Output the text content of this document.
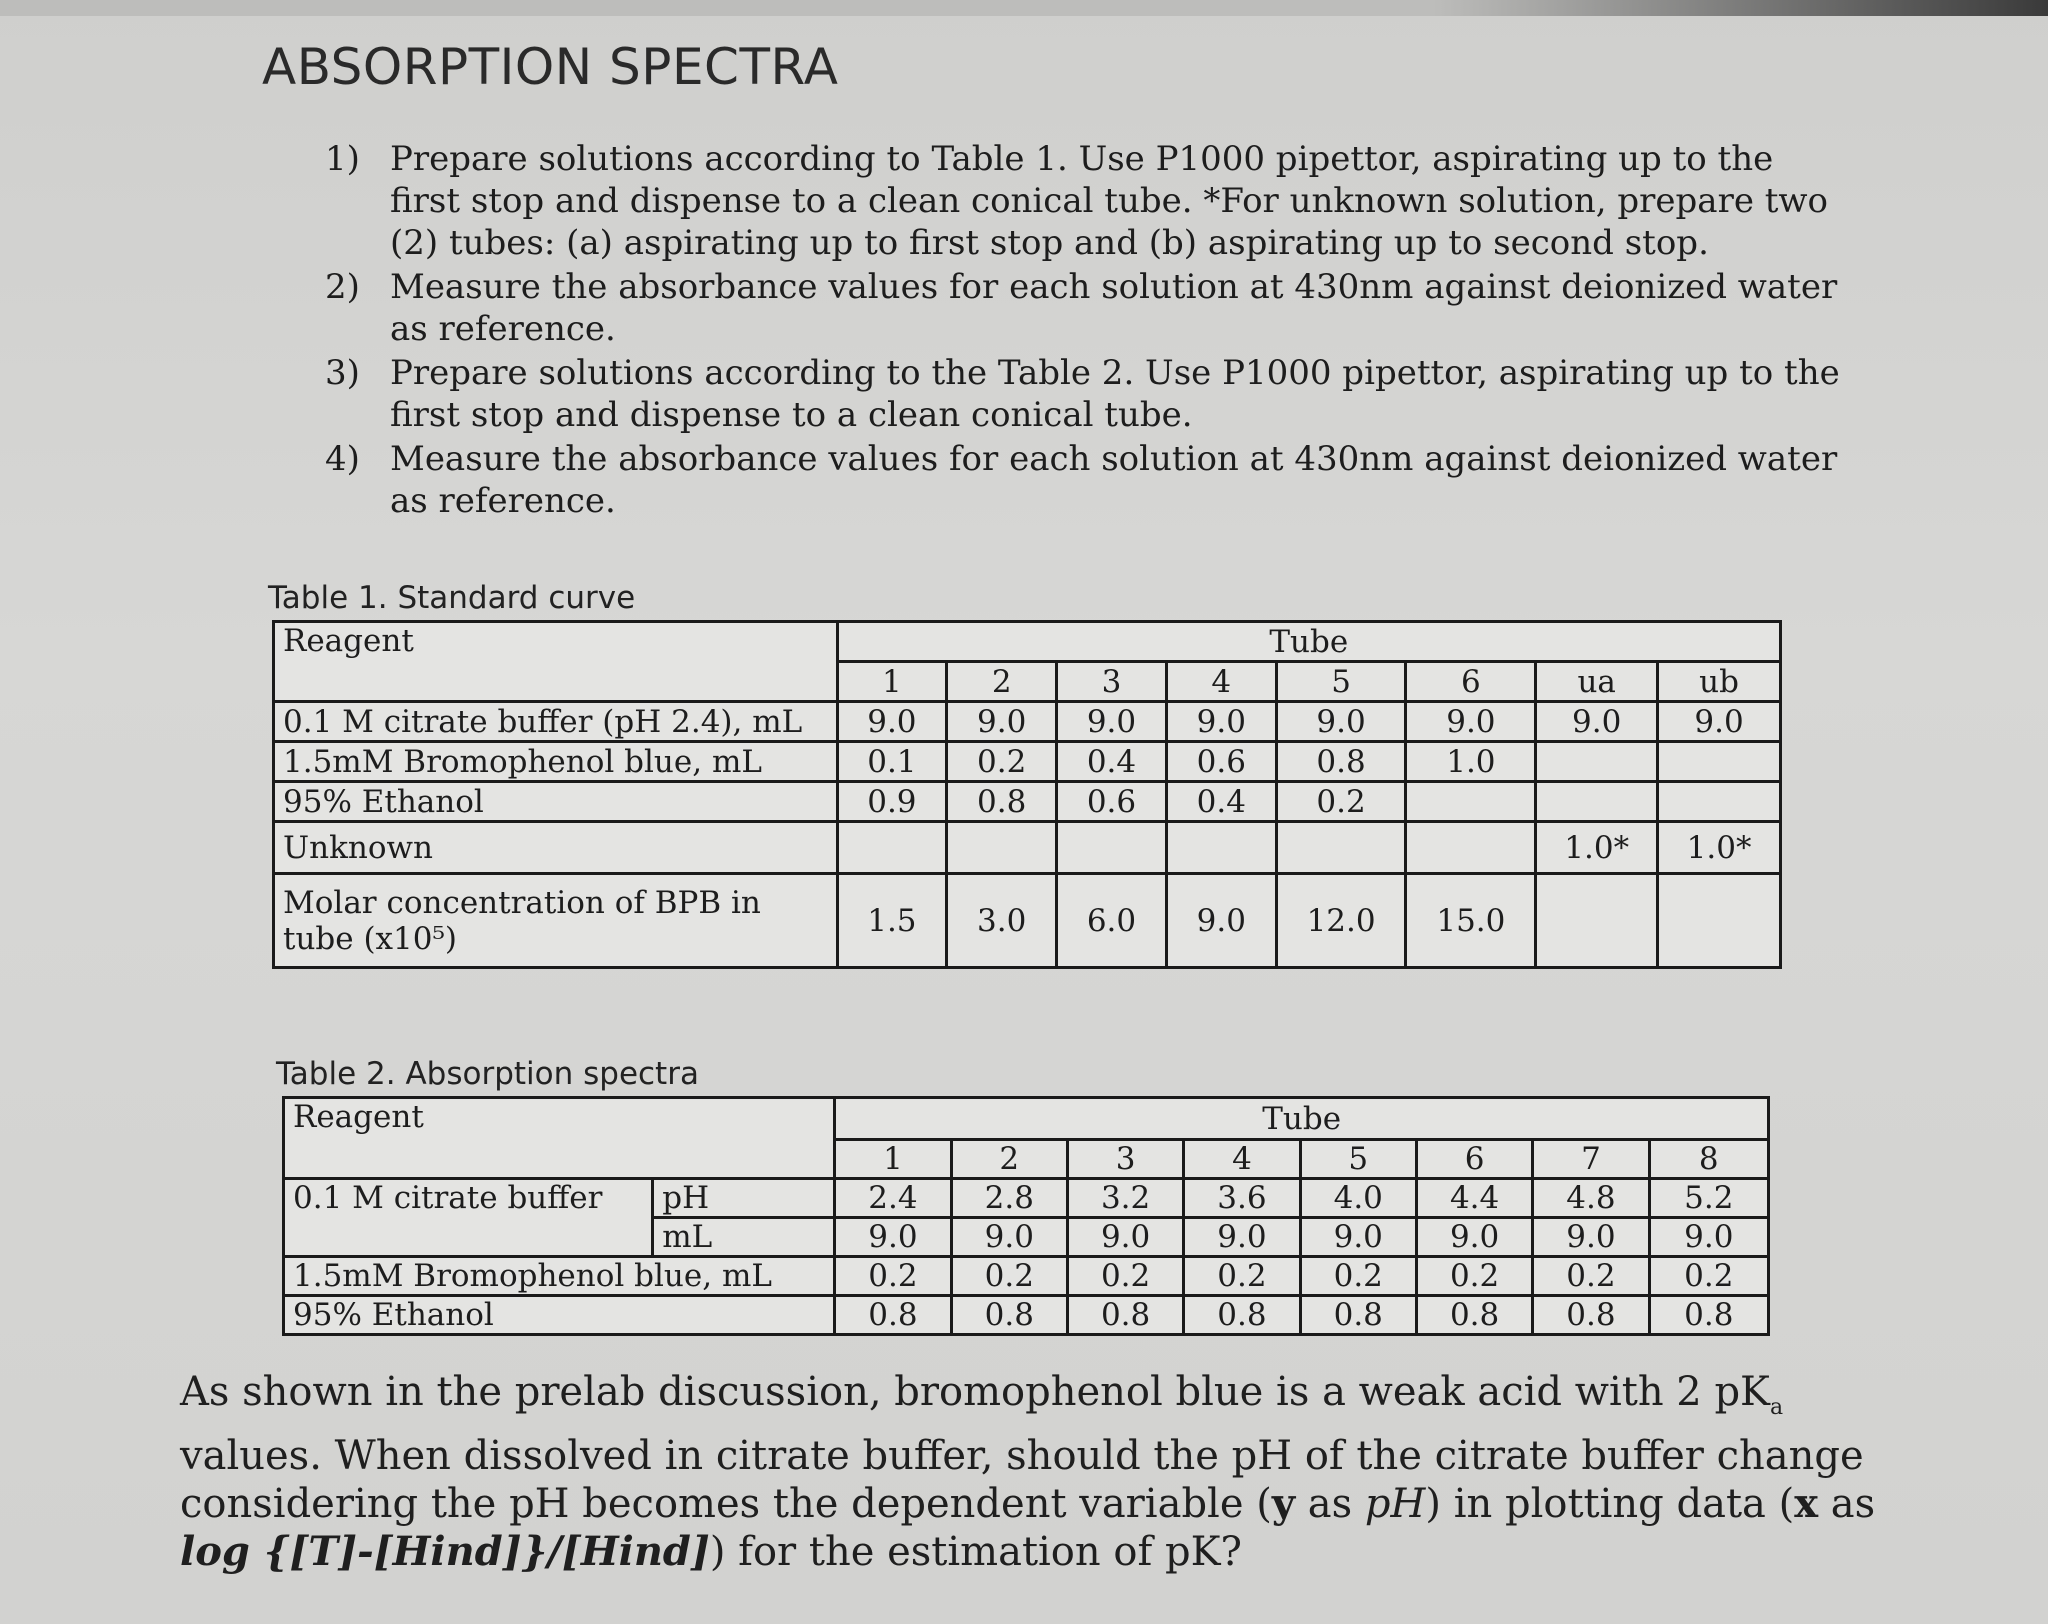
ABSORPTION SPECTRA
1) Prepare solutions according to Table 1. Use P1000 pipettor, aspirating up to the first stop and dispense to a clean conical tube. *For unknown solution, prepare two (2) tubes: (a) aspirating up to first stop and (b) aspirating up to second stop.
2) Measure the absorbance values for each solution at 430nm against deionized water as reference.
3) Prepare solutions according to the Table 2. Use P1000 pipettor, aspirating up to the first stop and dispense to a clean conical tube.
4) Measure the absorbance values for each solution at 430nm against deionized water as reference.
Table 1. Standard curve
Reagent	Tube							
	1	2	3	4	5	6	ua	ub
0.1 M citrate buffer (pH 2.4), mL	9.0	9.0	9.0	9.0	9.0	9.0	9.0	9.0
1.5mM Bromophenol blue, mL	0.1	0.2	0.4	0.6	0.8	1.0		
95% Ethanol	0.9	0.8	0.6	0.4	0.2			
Unknown							1.0*	1.0*
Molar concentration of BPB in tube (x10⁵)	1.5	3.0	6.0	9.0	12.0	15.0		
Table 2. Absorption spectra
Reagent		Tube							
		1	2	3	4	5	6	7	8
0.1 M citrate buffer	pH	2.4	2.8	3.2	3.6	4.0	4.4	4.8	5.2
	mL	9.0	9.0	9.0	9.0	9.0	9.0	9.0	9.0
1.5mM Bromophenol blue, mL		0.2	0.2	0.2	0.2	0.2	0.2	0.2	0.2
95% Ethanol		0.8	0.8	0.8	0.8	0.8	0.8	0.8	0.8
As shown in the prelab discussion, bromophenol blue is a weak acid with 2 $pK_a$ values. When dissolved in citrate buffer, should the pH of the citrate buffer change considering the pH becomes the dependent variable (y as pH) in plotting data (x as log {[T]-[Hind]}/[Hind]) for the estimation of pK?
